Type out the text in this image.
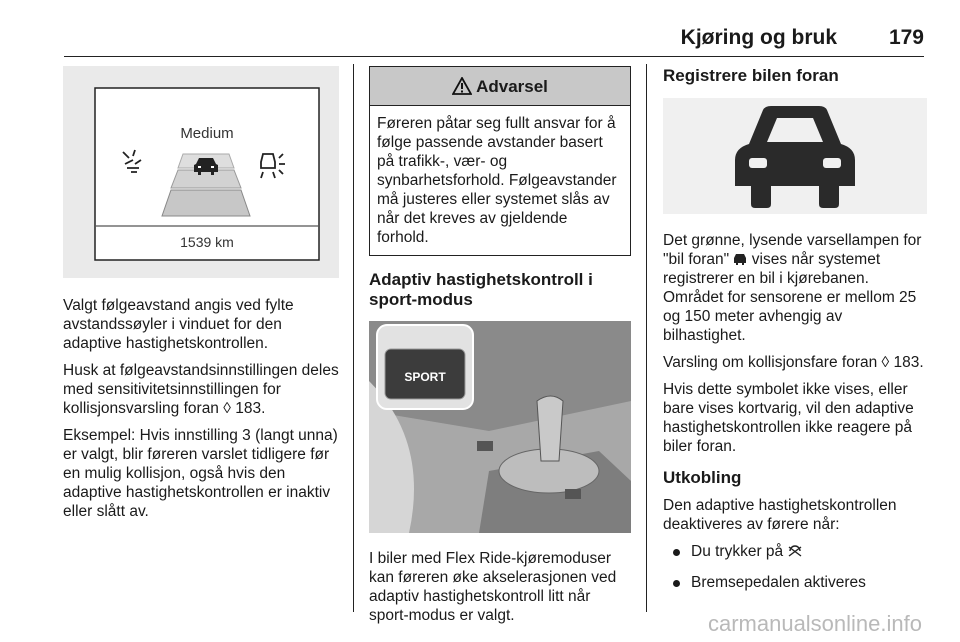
Kjøring og bruk 179
Medium
1539 km

Valgt følgeavstand angis ved fylte avstandssøyler i vinduet for den adaptive hastighetskontrollen.

Husk at følgeavstandsinnstillingen deles med sensitivitetsinnstillingen for kollisjonsvarsling foran ◊ 183.

Eksempel: Hvis innstilling 3 (langt unna) er valgt, blir føreren varslet tidligere før en mulig kollisjon, også hvis den adaptive hastighetskontrollen er inaktiv eller slått av.

Advarsel
Føreren påtar seg fullt ansvar for å følge passende avstander basert på trafikk-, vær- og synbarhetsforhold. Følgeavstander må justeres eller systemet slås av når det kreves av gjeldende forhold.
Adaptiv hastighetskontroll i sport-modus
SPORT

I biler med Flex Ride-kjøremoduser kan føreren øke akselerasjonen ved adaptiv hastighetskontroll litt når sport-modus er valgt.

Registrere bilen foran

Det grønne, lysende varsellampen for "bil foran"  vises når systemet registrerer en bil i kjørebanen. Området for sensorene er mellom 25 og 150 meter avhengig av bilhastighet.

Varsling om kollisjonsfare foran ◊ 183.

Hvis dette symbolet ikke vises, eller bare vises kortvarig, vil den adaptive hastighetskontrollen ikke reagere på biler foran.

Utkobling

Den adaptive hastighetskontrollen deaktiveres av førere når:

Du trykker på
Bremsepedalen aktiveres
carmanualsonline.info
